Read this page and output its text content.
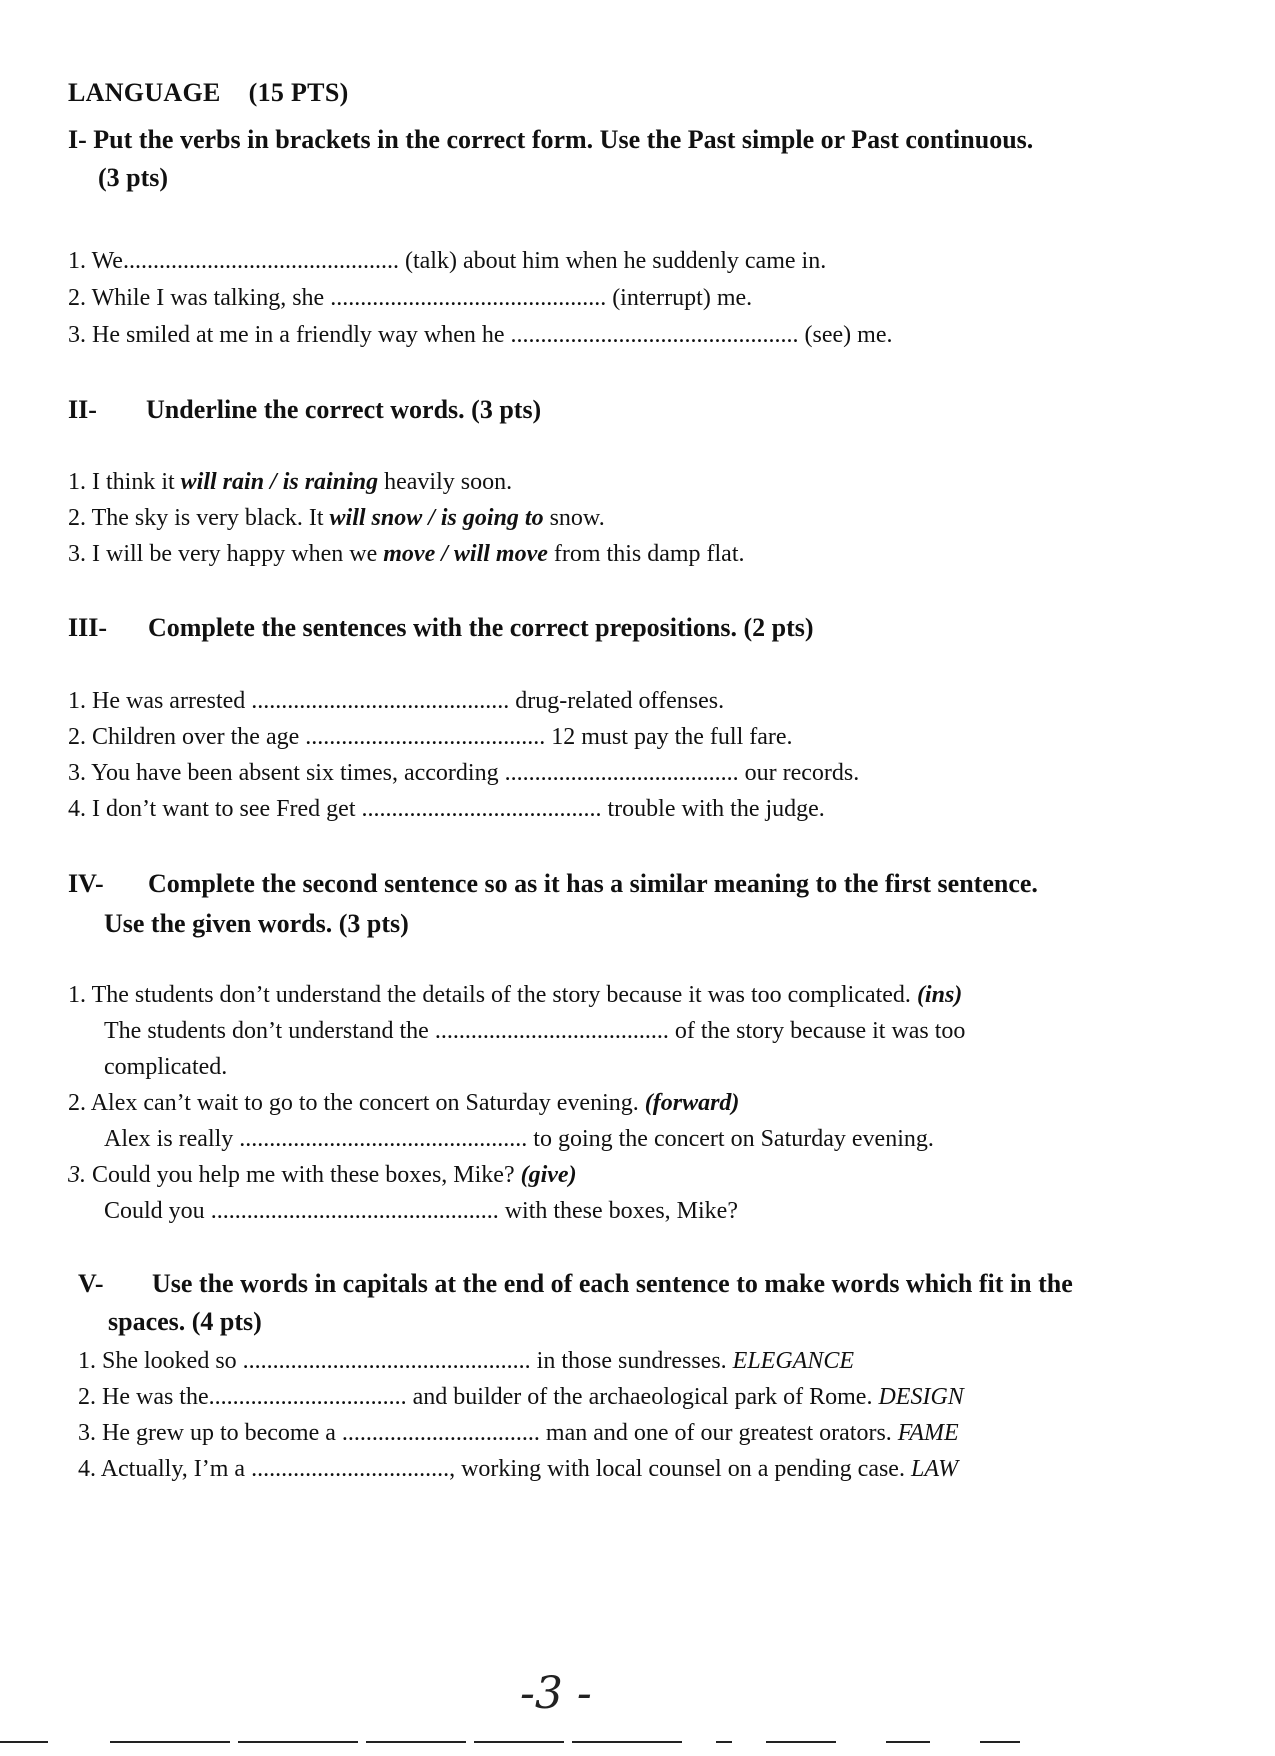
LANGUAGE (15 PTS)
I- Put the verbs in brackets in the correct form. Use the Past simple or Past continuous.
(3 pts)
1. We.............................................. (talk) about him when he suddenly came in.
2. While I was talking, she .............................................. (interrupt) me.
3. He smiled at me in a friendly way when he ................................................ (see) me.
II- Underline the correct words. (3 pts)
1. I think it will rain / is raining heavily soon.
2. The sky is very black. It will snow / is going to snow.
3. I will be very happy when we move / will move from this damp flat.
III- Complete the sentences with the correct prepositions. (2 pts)
1. He was arrested ........................................... drug-related offenses.
2. Children over the age ........................................ 12 must pay the full fare.
3. You have been absent six times, according ....................................... our records.
4. I don’t want to see Fred get ........................................ trouble with the judge.
IV- Complete the second sentence so as it has a similar meaning to the first sentence.
Use the given words. (3 pts)
1. The students don’t understand the details of the story because it was too complicated. (ins)
The students don’t understand the ....................................... of the story because it was too
complicated.
2. Alex can’t wait to go to the concert on Saturday evening. (forward)
Alex is really ................................................ to going the concert on Saturday evening.
3. Could you help me with these boxes, Mike? (give)
Could you ................................................ with these boxes, Mike?
V- Use the words in capitals at the end of each sentence to make words which fit in the
spaces. (4 pts)
1. She looked so ................................................ in those sundresses. ELEGANCE
2. He was the................................. and builder of the archaeological park of Rome. DESIGN
3. He grew up to become a ................................. man and one of our greatest orators. FAME
4. Actually, I’m a ................................., working with local counsel on a pending case. LAW
-3 -
